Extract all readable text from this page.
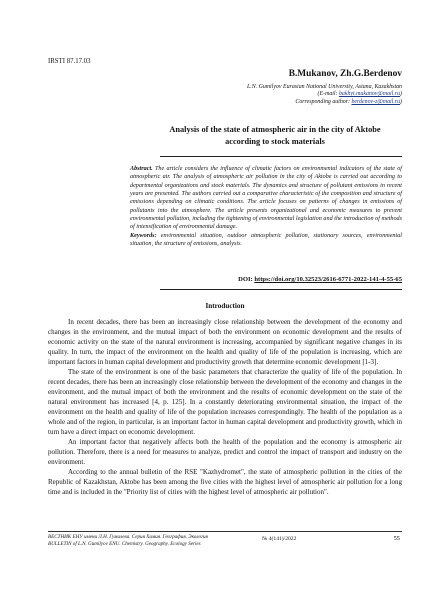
IRSTI 87.17.03
B.Mukanov, Zh.G.Berdenov
L.N. Gumilyov Eurasian National University, Astana, Kazakhstan
(E-mail: bakhyt.mukanov@mail.ru)
Corresponding author: berdenov-z@mail.ru)
Analysis of the state of atmospheric air in the city of Aktobe
according to stock materials

Abstract. The article considers the influence of climatic factors on environmental indicators of the state of atmospheric air. The analysis of atmospheric air pollution in the city of Aktobe is carried out according to departmental organizations and stock materials. The dynamics and structure of pollutant emissions in recent years are presented. The authors carried out a comparative characteristic of the composition and structure of emissions depending on climatic conditions. The article focuses on patterns of changes in emissions of pollutants into the atmosphere. The article presents organizational and economic measures to prevent environmental pollution, including the tightening of environmental legislation and the introduction of methods of intensification of environmental damage.

Keywords: environmental situation, outdoor atmospheric pollution, stationary sources, environmental situation, the structure of emissions, analysis.

DOI: https://doi.org/10.32523/2616-6771-2022-141-4-55-65
Introduction

In recent decades, there has been an increasingly close relationship between the development of the economy and changes in the environment, and the mutual impact of both the environment on economic development and the results of economic activity on the state of the natural environment is increasing, accompanied by significant negative changes in its quality. In turn, the impact of the environment on the health and quality of life of the population is increasing, which are important factors in human capital development and productivity growth that determine economic development [1-3].

The state of the environment is one of the basic parameters that characterize the quality of life of the population. In recent decades, there has been an increasingly close relationship between the development of the economy and changes in the environment, and the mutual impact of both the environment and the results of economic development on the state of the natural environment has increased [4, p. 125]. In a constantly deteriorating environmental situation, the impact of the environment on the health and quality of life of the population increases correspondingly. The health of the population as a whole and of the region, in particular, is an important factor in human capital development and productivity growth, which in turn have a direct impact on economic development.

An important factor that negatively affects both the health of the population and the economy is atmospheric air pollution. Therefore, there is a need for measures to analyze, predict and control the impact of transport and industry on the environment.

According to the annual bulletin of the RSE "Kazhydromet", the state of atmospheric pollution in the cities of the Republic of Kazakhstan, Aktobe has been among the five cities with the highest level of atmospheric air pollution for a long time and is included in the "Priority list of cities with the highest level of atmospheric air pollution".

ВЕСТНИК ЕНУ имени Л.Н. Гумилева. Серия Химия. География. Экология
BULLETIN of L.N. Gumilyov ENU. Chemistry. Geography. Ecology Series
№ 4(141)/2022	55
